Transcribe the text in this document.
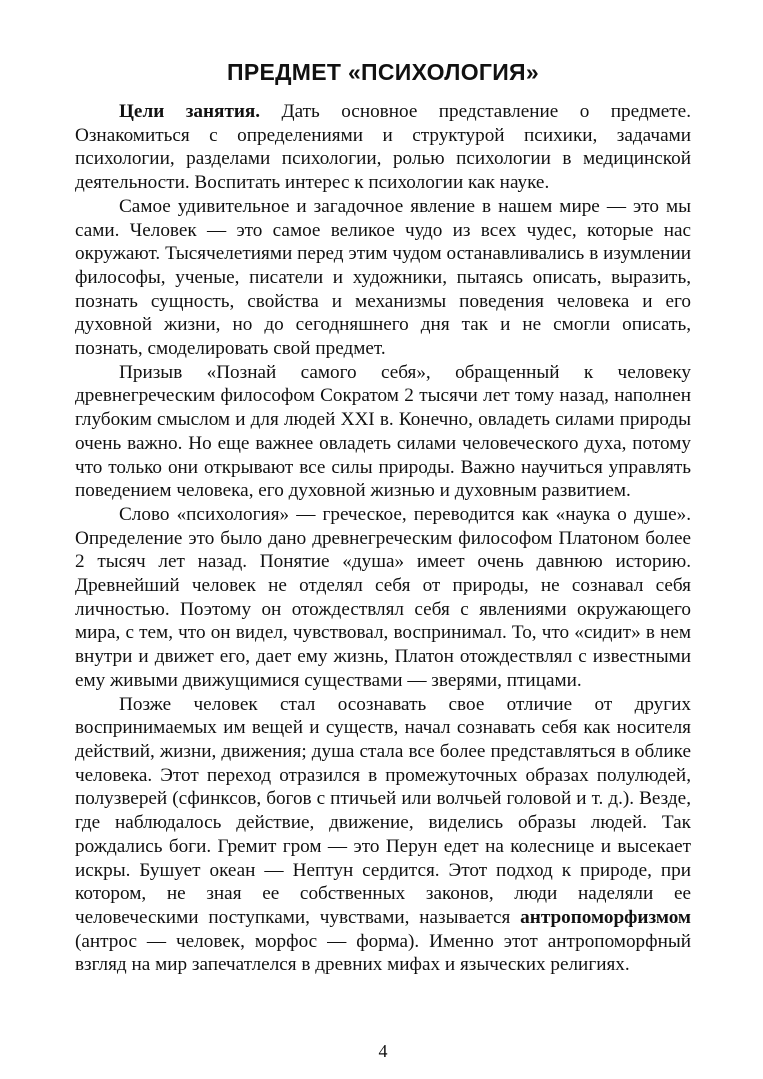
ПРЕДМЕТ «ПСИХОЛОГИЯ»

Цели занятия. Дать основное представление о предмете. Ознакомиться с определениями и структурой психики, задачами психологии, разделами психологии, ролью психологии в медицинской деятельности. Воспитать интерес к психологии как науке.

Самое удивительное и загадочное явление в нашем мире — это мы сами. Человек — это самое великое чудо из всех чудес, которые нас окружают. Тысячелетиями перед этим чудом останавливались в изумлении философы, ученые, писатели и художники, пытаясь описать, выразить, познать сущность, свойства и механизмы поведения человека и его духовной жизни, но до сегодняшнего дня так и не смогли описать, познать, смоделировать свой предмет.

Призыв «Познай самого себя», обращенный к человеку древнегреческим философом Сократом 2 тысячи лет тому назад, наполнен глубоким смыслом и для людей XXI в. Конечно, овладеть силами природы очень важно. Но еще важнее овладеть силами человеческого духа, потому что только они открывают все силы природы. Важно научиться управлять поведением человека, его духовной жизнью и духовным развитием.

Слово «психология» — греческое, переводится как «наука о душе». Определение это было дано древнегреческим философом Платоном более 2 тысяч лет назад. Понятие «душа» имеет очень давнюю историю. Древнейший человек не отделял себя от природы, не сознавал себя личностью. Поэтому он отождествлял себя с явлениями окружающего мира, с тем, что он видел, чувствовал, воспринимал. То, что «сидит» в нем внутри и движет его, дает ему жизнь, Платон отождествлял с известными ему живыми движущимися существами — зверями, птицами.

Позже человек стал осознавать свое отличие от других воспринимаемых им вещей и существ, начал сознавать себя как носителя действий, жизни, движения; душа стала все более представляться в облике человека. Этот переход отразился в промежуточных образах полулюдей, полузверей (сфинксов, богов с птичьей или волчьей головой и т. д.). Везде, где наблюдалось действие, движение, виделись образы людей. Так рождались боги. Гремит гром — это Перун едет на колеснице и высекает искры. Бушует океан — Нептун сердится. Этот подход к природе, при котором, не зная ее собственных законов, люди наделяли ее человеческими поступками, чувствами, называется антропоморфизмом (антрос — человек, морфос — форма). Именно этот антропоморфный взгляд на мир запечатлелся в древних мифах и языческих религиях.

4
